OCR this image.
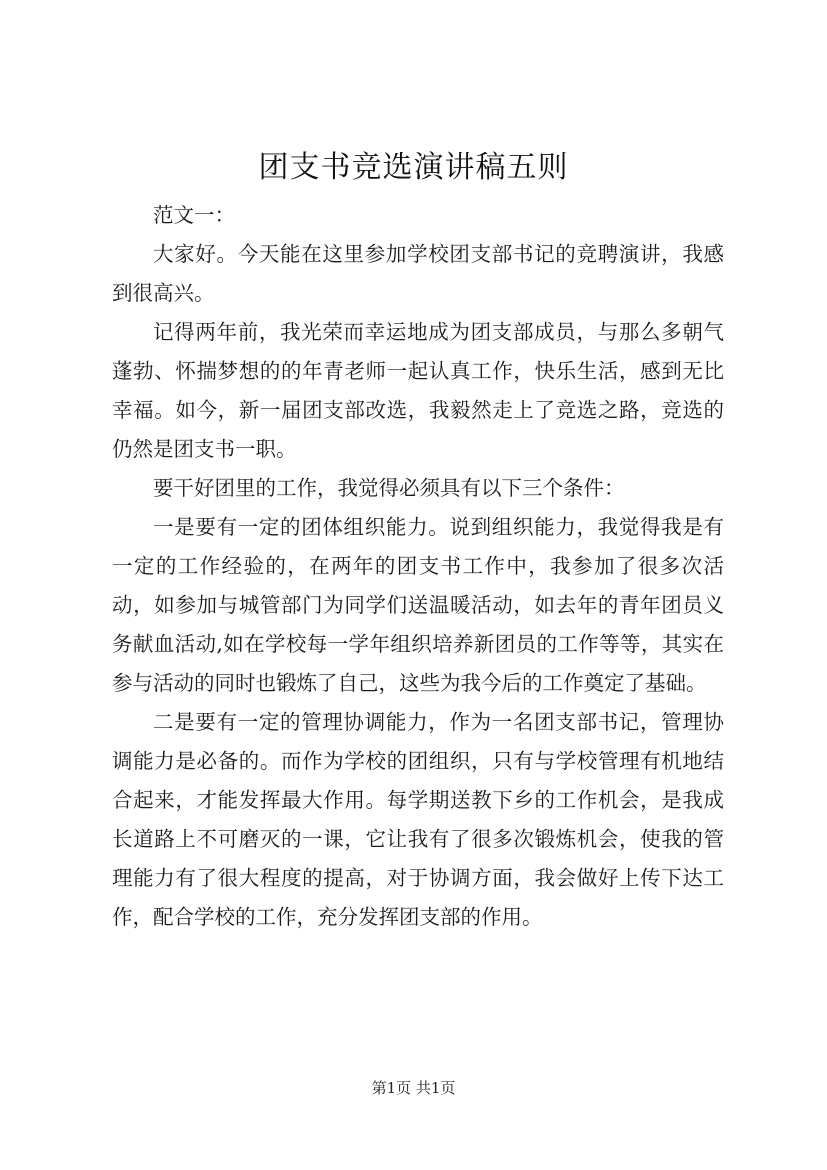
团支书竞选演讲稿五则

范文一：

大家好。今天能在这里参加学校团支部书记的竞聘演讲，我感到很高兴。

记得两年前，我光荣而幸运地成为团支部成员，与那么多朝气蓬勃、怀揣梦想的的年青老师一起认真工作，快乐生活，感到无比幸福。如今，新一届团支部改选，我毅然走上了竞选之路，竞选的仍然是团支书一职。

要干好团里的工作，我觉得必须具有以下三个条件：

一是要有一定的团体组织能力。说到组织能力，我觉得我是有一定的工作经验的，在两年的团支书工作中，我参加了很多次活动，如参加与城管部门为同学们送温暖活动，如去年的青年团员义务献血活动,如在学校每一学年组织培养新团员的工作等等，其实在参与活动的同时也锻炼了自己，这些为我今后的工作奠定了基础。

二是要有一定的管理协调能力，作为一名团支部书记，管理协调能力是必备的。而作为学校的团组织，只有与学校管理有机地结合起来，才能发挥最大作用。每学期送教下乡的工作机会，是我成长道路上不可磨灭的一课，它让我有了很多次锻炼机会，使我的管理能力有了很大程度的提高，对于协调方面，我会做好上传下达工作，配合学校的工作，充分发挥团支部的作用。

第1页 共1页
